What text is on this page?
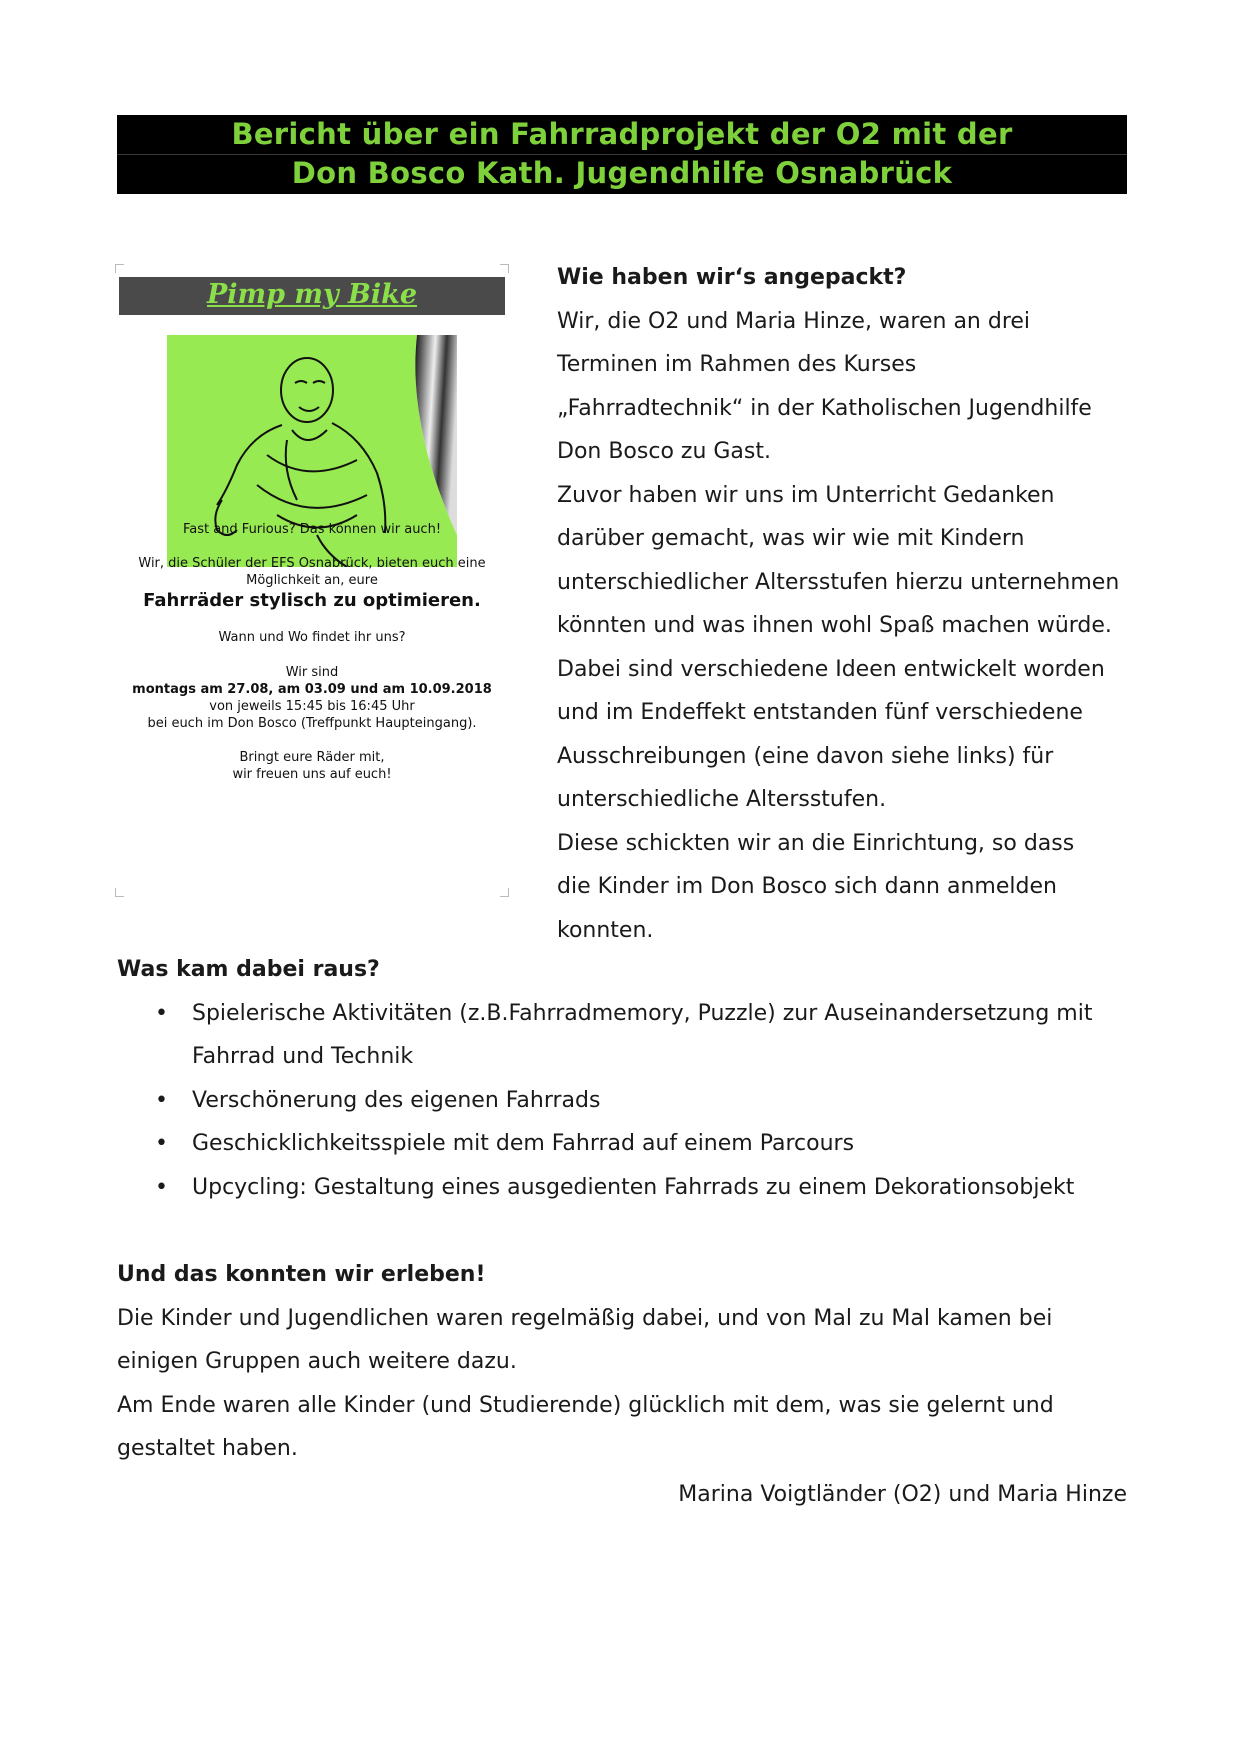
Bericht über ein Fahrradprojekt der O2 mit der
Don Bosco Kath. Jugendhilfe Osnabrück
Pimp my Bike
Fast and Furious? Das können wir auch!
Wir, die Schüler der EFS Osnabrück, bieten euch eine
Möglichkeit an, eure
Fahrräder stylisch zu optimieren.
Wann und Wo findet ihr uns?
Wir sind
montags am 27.08, am 03.09 und am 10.09.2018
von jeweils 15:45 bis 16:45 Uhr
bei euch im Don Bosco (Treffpunkt Haupteingang).
Bringt eure Räder mit,
wir freuen uns auf euch!

Wie haben wir‘s angepackt?

Wir, die O2 und Maria Hinze, waren an drei

Terminen im Rahmen des Kurses

„Fahrradtechnik“ in der Katholischen Jugendhilfe

Don Bosco zu Gast.

Zuvor haben wir uns im Unterricht Gedanken

darüber gemacht, was wir wie mit Kindern

unterschiedlicher Altersstufen hierzu unternehmen

könnten und was ihnen wohl Spaß machen würde.

Dabei sind verschiedene Ideen entwickelt worden

und im Endeffekt entstanden fünf verschiedene

Ausschreibungen (eine davon siehe links) für

unterschiedliche Altersstufen.

Diese schickten wir an die Einrichtung, so dass

die Kinder im Don Bosco sich dann anmelden

konnten.

Was kam dabei raus?

• Spielerische Aktivitäten (z.B.Fahrradmemory, Puzzle) zur Auseinandersetzung mit
Fahrrad und Technik
• Verschönerung des eigenen Fahrrads
• Geschicklichkeitsspiele mit dem Fahrrad auf einem Parcours
• Upcycling: Gestaltung eines ausgedienten Fahrrads zu einem Dekorationsobjekt

Und das konnten wir erleben!

Die Kinder und Jugendlichen waren regelmäßig dabei, und von Mal zu Mal kamen bei

einigen Gruppen auch weitere dazu.

Am Ende waren alle Kinder (und Studierende) glücklich mit dem, was sie gelernt und

gestaltet haben.

Marina Voigtländer (O2) und Maria Hinze
